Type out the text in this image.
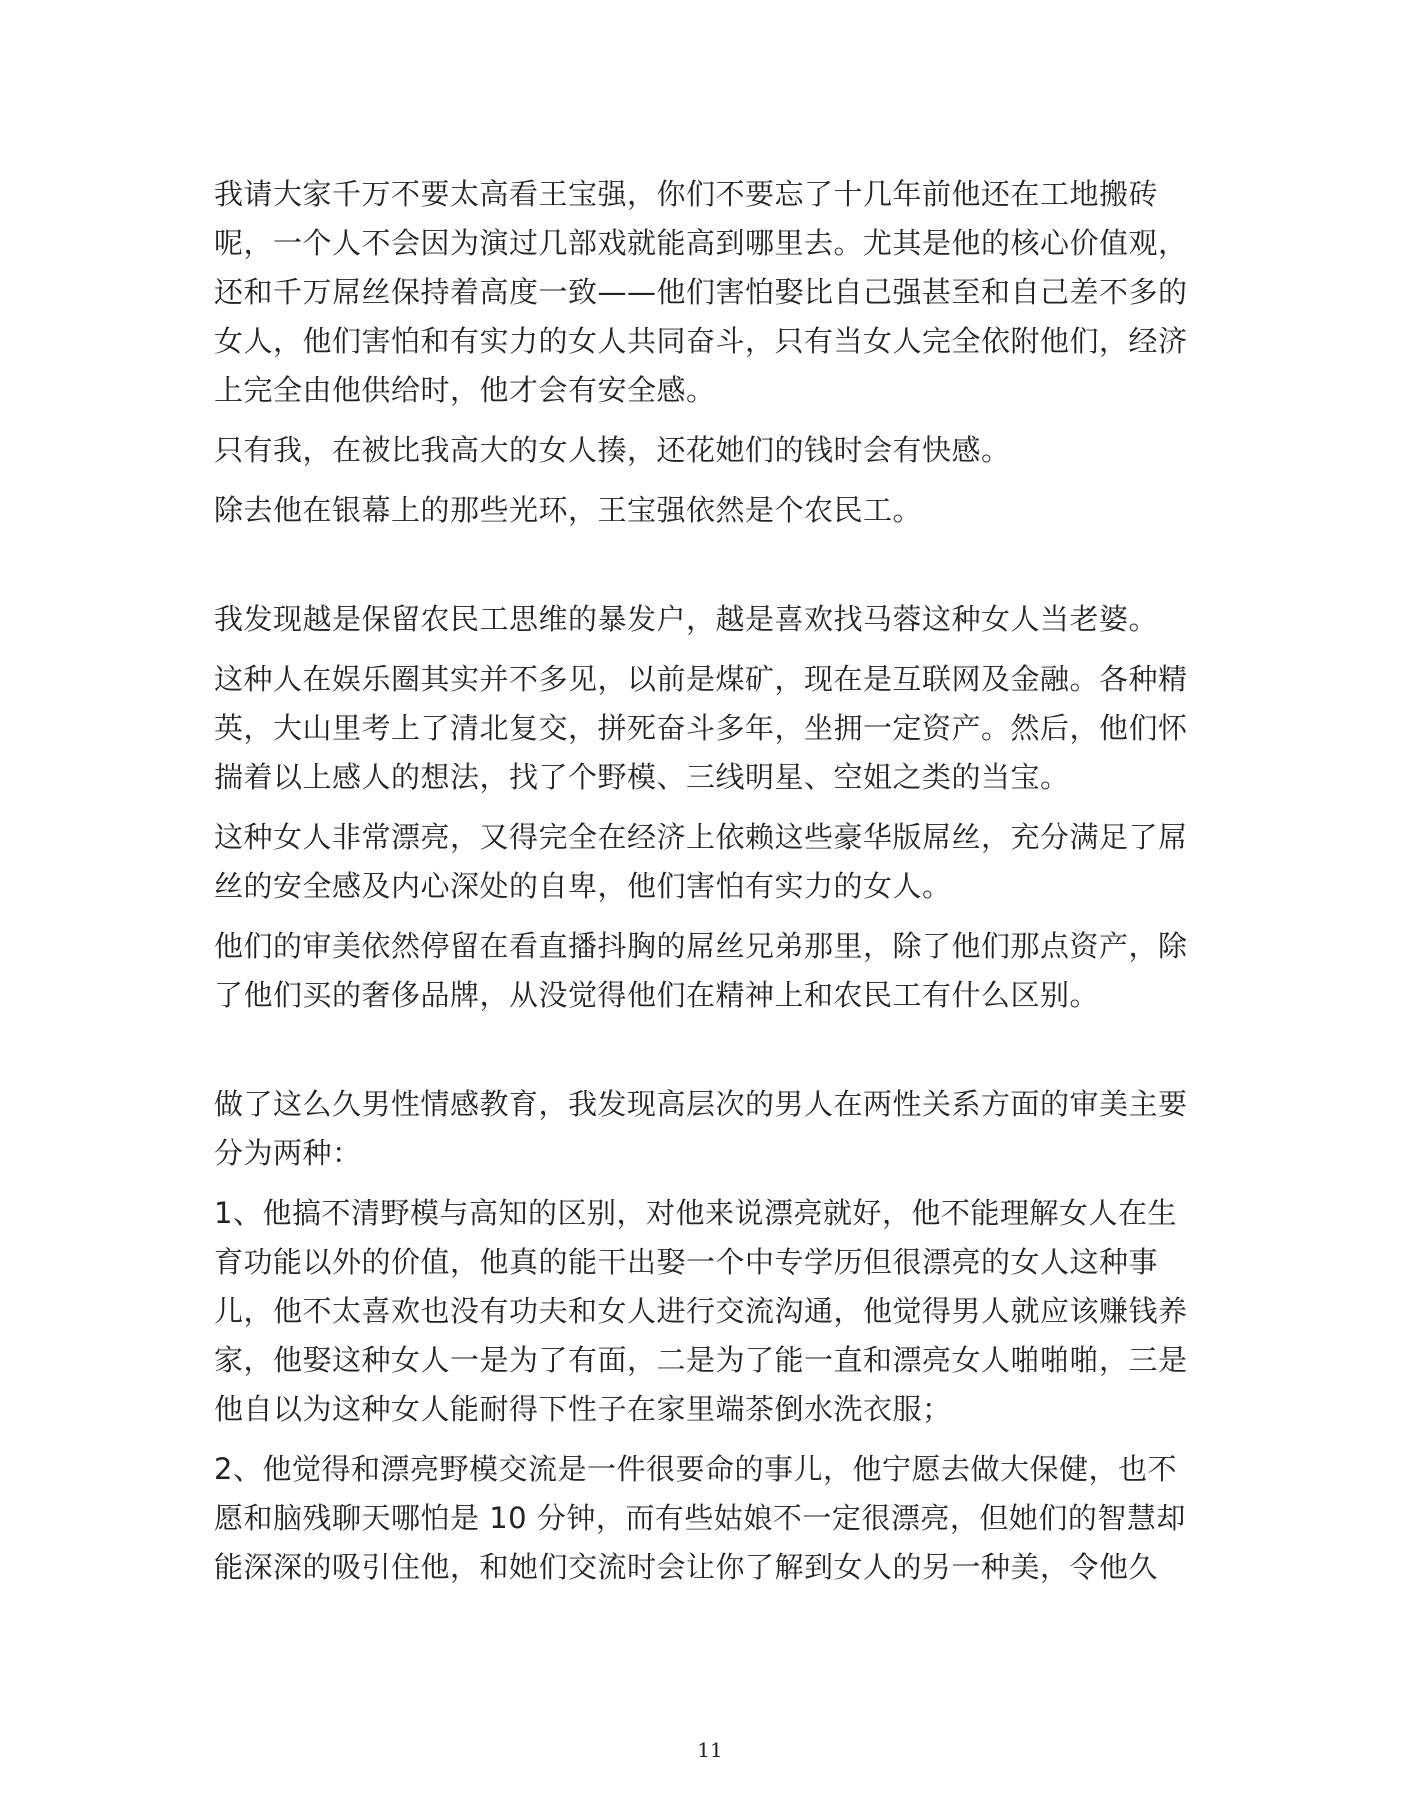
我请大家千万不要太高看王宝强，你们不要忘了十几年前他还在工地搬砖呢，一个人不会因为演过几部戏就能高到哪里去。尤其是他的核心价值观，还和千万屌丝保持着高度一致——他们害怕娶比自己强甚至和自己差不多的女人，他们害怕和有实力的女人共同奋斗，只有当女人完全依附他们，经济上完全由他供给时，他才会有安全感。

只有我，在被比我高大的女人揍，还花她们的钱时会有快感。

除去他在银幕上的那些光环，王宝强依然是个农民工。

我发现越是保留农民工思维的暴发户，越是喜欢找马蓉这种女人当老婆。

这种人在娱乐圈其实并不多见，以前是煤矿，现在是互联网及金融。各种精英，大山里考上了清北复交，拼死奋斗多年，坐拥一定资产。然后，他们怀揣着以上感人的想法，找了个野模、三线明星、空姐之类的当宝。

这种女人非常漂亮，又得完全在经济上依赖这些豪华版屌丝，充分满足了屌丝的安全感及内心深处的自卑，他们害怕有实力的女人。

他们的审美依然停留在看直播抖胸的屌丝兄弟那里，除了他们那点资产，除了他们买的奢侈品牌，从没觉得他们在精神上和农民工有什么区别。

做了这么久男性情感教育，我发现高层次的男人在两性关系方面的审美主要分为两种：

1、他搞不清野模与高知的区别，对他来说漂亮就好，他不能理解女人在生育功能以外的价值，他真的能干出娶一个中专学历但很漂亮的女人这种事儿，他不太喜欢也没有功夫和女人进行交流沟通，他觉得男人就应该赚钱养家，他娶这种女人一是为了有面，二是为了能一直和漂亮女人啪啪啪，三是他自以为这种女人能耐得下性子在家里端茶倒水洗衣服；

2、他觉得和漂亮野模交流是一件很要命的事儿，他宁愿去做大保健，也不愿和脑残聊天哪怕是 10 分钟，而有些姑娘不一定很漂亮，但她们的智慧却能深深的吸引住他，和她们交流时会让你了解到女人的另一种美，令他久

11
